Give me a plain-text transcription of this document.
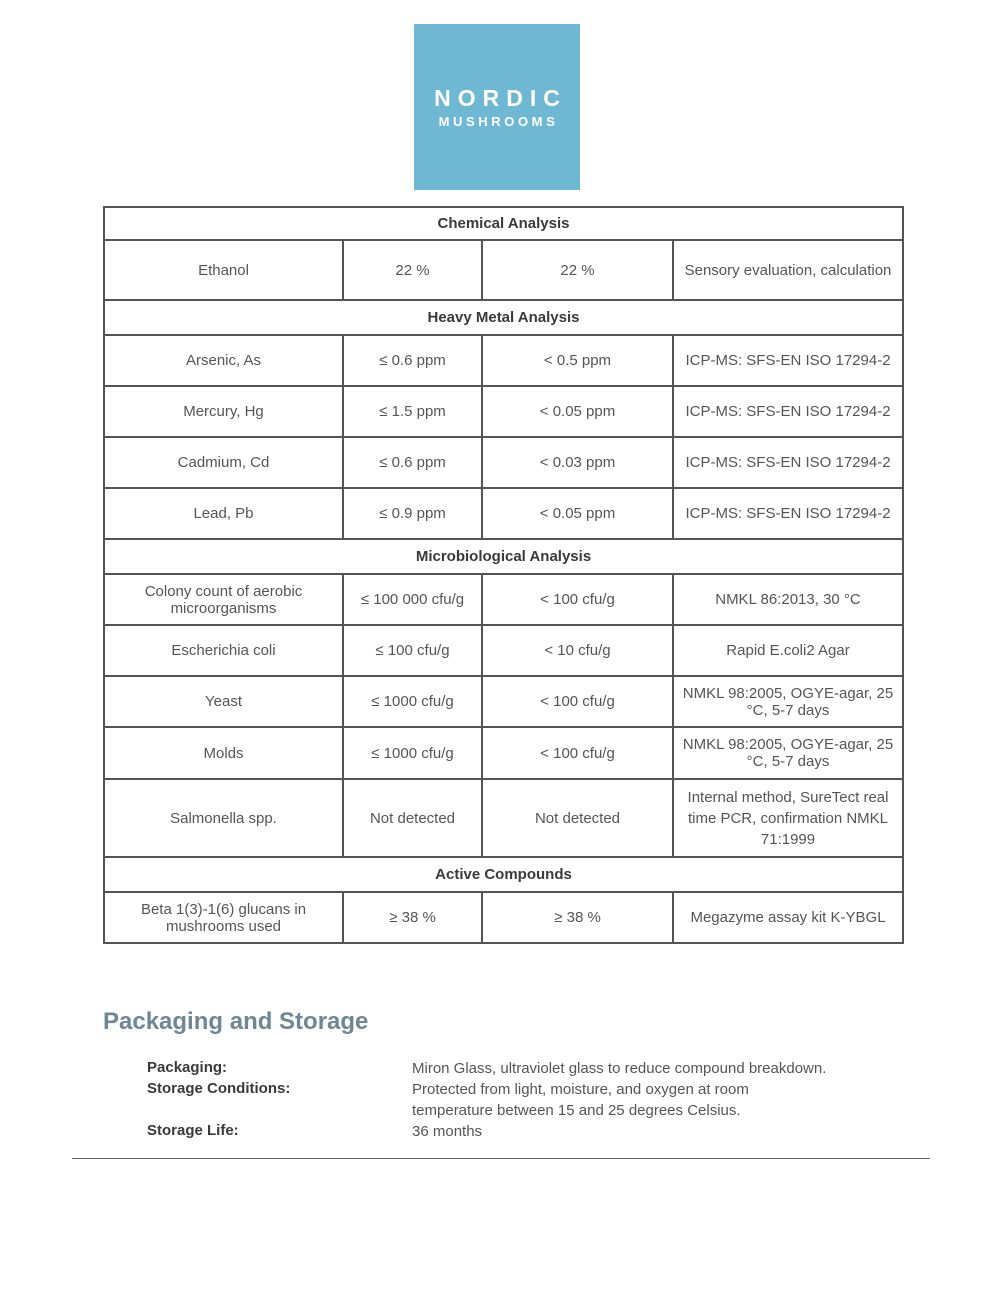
NORDIC
MUSHROOMS
Chemical Analysis			
Ethanol	22 %	22 %	Sensory evaluation, calculation
Heavy Metal Analysis			
Arsenic, As	≤ 0.6 ppm	< 0.5 ppm	ICP-MS: SFS-EN ISO 17294-2
Mercury, Hg	≤ 1.5 ppm	< 0.05 ppm	ICP-MS: SFS-EN ISO 17294-2
Cadmium, Cd	≤ 0.6 ppm	< 0.03 ppm	ICP-MS: SFS-EN ISO 17294-2
Lead, Pb	≤ 0.9 ppm	< 0.05 ppm	ICP-MS: SFS-EN ISO 17294-2
Microbiological Analysis			
Colony count of aerobic microorganisms	≤ 100 000 cfu/g	< 100 cfu/g	NMKL 86:2013, 30 °C
Escherichia coli	≤ 100 cfu/g	< 10 cfu/g	Rapid E.coli2 Agar
Yeast	≤ 1000 cfu/g	< 100 cfu/g	NMKL 98:2005, OGYE-agar, 25 °C, 5-7 days
Molds	≤ 1000 cfu/g	< 100 cfu/g	NMKL 98:2005, OGYE-agar, 25 °C, 5-7 days
Salmonella spp.	Not detected	Not detected	Internal method, SureTect real time PCR, confirmation NMKL 71:1999
Active Compounds			
Beta 1(3)-1(6) glucans in mushrooms used	≥ 38 %	≥ 38 %	Megazyme assay kit K-YBGL
Packaging and Storage
Packaging:	Miron Glass, ultraviolet glass to reduce compound breakdown.
Storage Conditions:	Protected from light, moisture, and oxygen at room temperature between 15 and 25 degrees Celsius.
Storage Life:	36 months
